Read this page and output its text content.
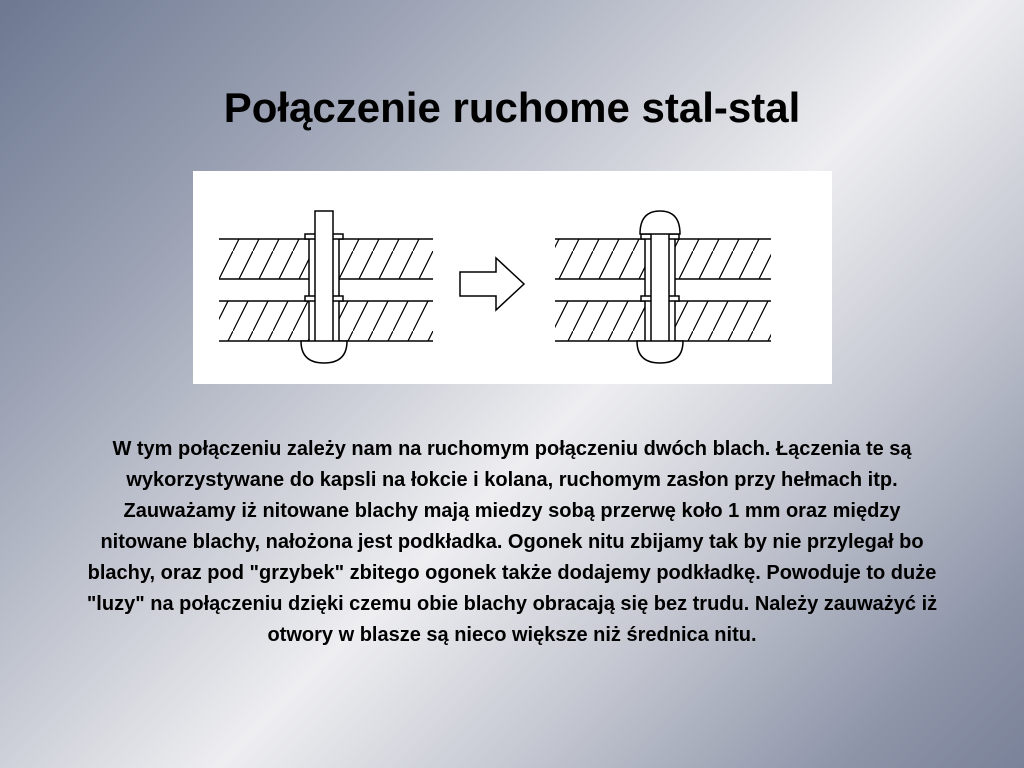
Połączenie ruchome stal-stal

W tym połączeniu zależy nam na ruchomym połączeniu dwóch blach. Łączenia te są wykorzystywane do kapsli na łokcie i kolana, ruchomym zasłon przy hełmach itp. Zauważamy iż nitowane blachy mają miedzy sobą przerwę koło 1 mm oraz między nitowane blachy, nałożona jest podkładka. Ogonek nitu zbijamy tak by nie przylegał bo blachy, oraz pod "grzybek" zbitego ogonek także dodajemy podkładkę. Powoduje to duże "luzy" na połączeniu dzięki czemu obie blachy obracają się bez trudu. Należy zauważyć iż otwory w blaszе są nieco większe niż średnica nitu.
